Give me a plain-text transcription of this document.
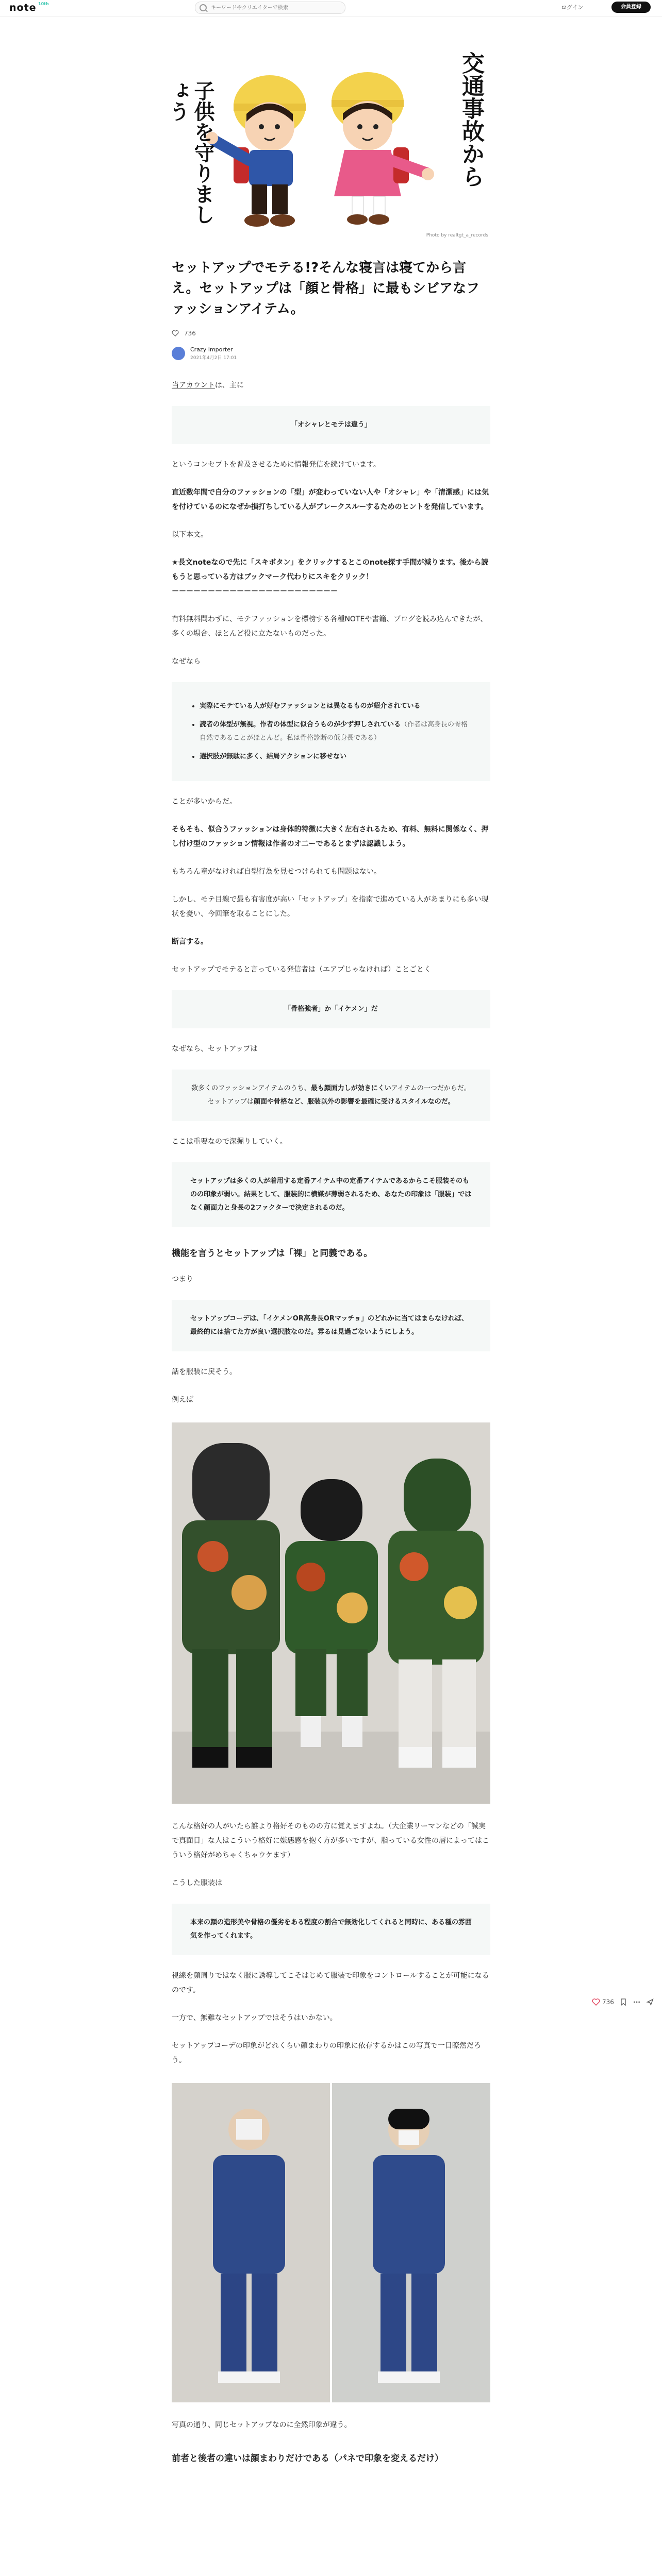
note 10th
キーワードやクリエイターで検索
ログイン	会員登録
交通事故から
子供を守りましょう
Photo by realtgt_a_records
セットアップでモテる!?そんな寝言は寝てから言え。セットアップは「顔と骨格」に最もシビアなファッションアイテム。
736
Crazy Importer
2021年4月2日 17:01

当アカウントは、主に

「オシャレとモテは違う」

というコンセプトを普及させるために情報発信を続けています。

直近数年間で自分のファッションの「型」が変わっていない人や「オシャレ」や「清潔感」には気を付けているのになぜか損打ちしている人がブレークスルーするためのヒントを発信しています。

以下本文。

★長文noteなので先に「スキボタン」をクリックするとこのnote探す手間が減ります。後から読もうと思っている方はブックマーク代わりにスキをクリック！
－－－－－－－－－－－－－－－－－－－－－－－

有料無料問わずに、モテファッションを標榜する各種NOTEや書籍、ブログを読み込んできたが、多くの場合、ほとんど役に立たないものだった。

なぜなら

• 実際にモテている人が好むファッションとは異なるものが紹介されている
• 読者の体型が無視。作者の体型に似合うものが少ず押しされている（作者は高身長の骨格自然であることがほとんど。私は骨格診断の低身長である）
• 選択肢が無駄に多く、結局アクションに移せない

ことが多いからだ。

そもそも、似合うファッションは身体的特徴に大きく左右されるため、有料、無料に関係なく、押し付け型のファッション情報は作者のオ二ーであるとまずは認識しよう。

もちろん童がなければ自型行為を見せつけられても問題はない。

しかし、モテ目線で最も有害度が高い「セットアップ」を指南で進めている人があまりにも多い現状を憂い、今回筆を取ることにした。

断言する。

セットアップでモテると言っている発信者は（エアプじゃなければ）ことごとく

「骨格強者」か「イケメン」だ

なぜなら、セットアップは

数多くのファッションアイテムのうち、最も顔面力しが効きにくいアイテムの一つだからだ。セットアップは顔面や骨格など、服装以外の影響を最確に受けるスタイルなのだ。

ここは重要なので深掘りしていく。

セットアップは多くの人が着用する定番アイテム中の定番アイテムであるからこそ服装そのものの印象が弱い。結果として、服装的に横媒が薄弱されるため、あなたの印象は「服装」ではなく顔面力と身長の2ファクターで決定されるのだ。
機能を言うとセットアップは「裸」と同義である。

つまり

セットアップコーデは、「イケメンOR高身長ORマッチョ」のどれかに当てはまらなければ、最終的には捨てた方が良い選択肢なのだ。雰るは見過ごないようにしよう。

話を服装に戻そう。

例えば

こんな格好の人がいたら誰より格好そのものの方に覚えますよね。（大企業リーマンなどの「誠実で真面目」な人はこういう格好に嫌悪感を抱く方が多いですが、脂っている女性の層によってはこういう格好がめちゃくちゃウケます）

こうした服装は

本来の顔の造形美や骨格の優劣をある程度の割合で無効化してくれると同時に、ある種の雰囲気を作ってくれます。

視線を顔周りではなく服に誘導してこそはじめて服装で印象をコントロールすることが可能になるのです。

一方で、無難なセットアップではそうはいかない。

セットアップコーデの印象がどれくらい顔まわりの印象に依存するかはこの写真で一目瞭然だろう。

写真の通り、同じセットアップなのに全然印象が違う。

前者と後者の違いは顔まわりだけである（パネで印象を変えるだけ）
736
